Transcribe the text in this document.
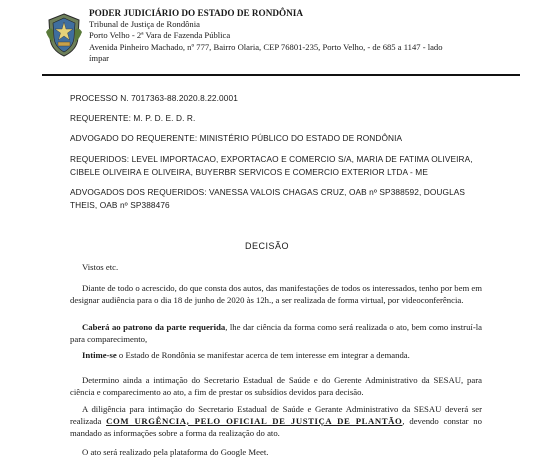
PODER JUDICIÁRIO DO ESTADO DE RONDÔNIA
Tribunal de Justiça de Rondônia
Porto Velho - 2ª Vara de Fazenda Pública
Avenida Pinheiro Machado, nº 777, Bairro Olaria, CEP 76801-235, Porto Velho, - de 685 a 1147 - lado
ímpar
PROCESSO N. 7017363-88.2020.8.22.0001
REQUERENTE: M. P. D. E. D. R.
ADVOGADO DO REQUERENTE: MINISTÉRIO PÚBLICO DO ESTADO DE RONDÔNIA
REQUERIDOS: LEVEL IMPORTACAO, EXPORTACAO E COMERCIO S/A, MARIA DE FATIMA OLIVEIRA,
CIBELE OLIVEIRA E OLIVEIRA, BUYERBR SERVICOS E COMERCIO EXTERIOR LTDA - ME
ADVOGADOS DOS REQUERIDOS: VANESSA VALOIS CHAGAS CRUZ, OAB nº SP388592, DOUGLAS
THEIS, OAB nº SP388476
DECISÃO
Vistos etc.
Diante de todo o acrescido, do que consta dos autos, das manifestações de todos os interessados, tenho por bem em designar audiência para o dia 18 de junho de 2020 às 12h., a ser realizada de forma virtual, por videoconferência.
Caberá ao patrono da parte requerida, lhe dar ciência da forma como será realizada o ato, bem como instruí-la para comparecimento,
Intime-se o Estado de Rondônia se manifestar acerca de tem interesse em integrar a demanda.
Determino ainda a intimação do Secretario Estadual de Saúde e do Gerente Administrativo da SESAU, para ciência e comparecimento ao ato, a fim de prestar os subsídios devidos para decisão.
A diligência para intimação do Secretario Estadual de Saúde e Gerante Administrativo da SESAU deverá ser realizada COM URGÊNCIA, PELO OFICIAL DE JUSTIÇA DE PLANTÃO, devendo constar no mandado as informações sobre a forma da realização do ato.
O ato será realizado pela plataforma do Google Meet.
